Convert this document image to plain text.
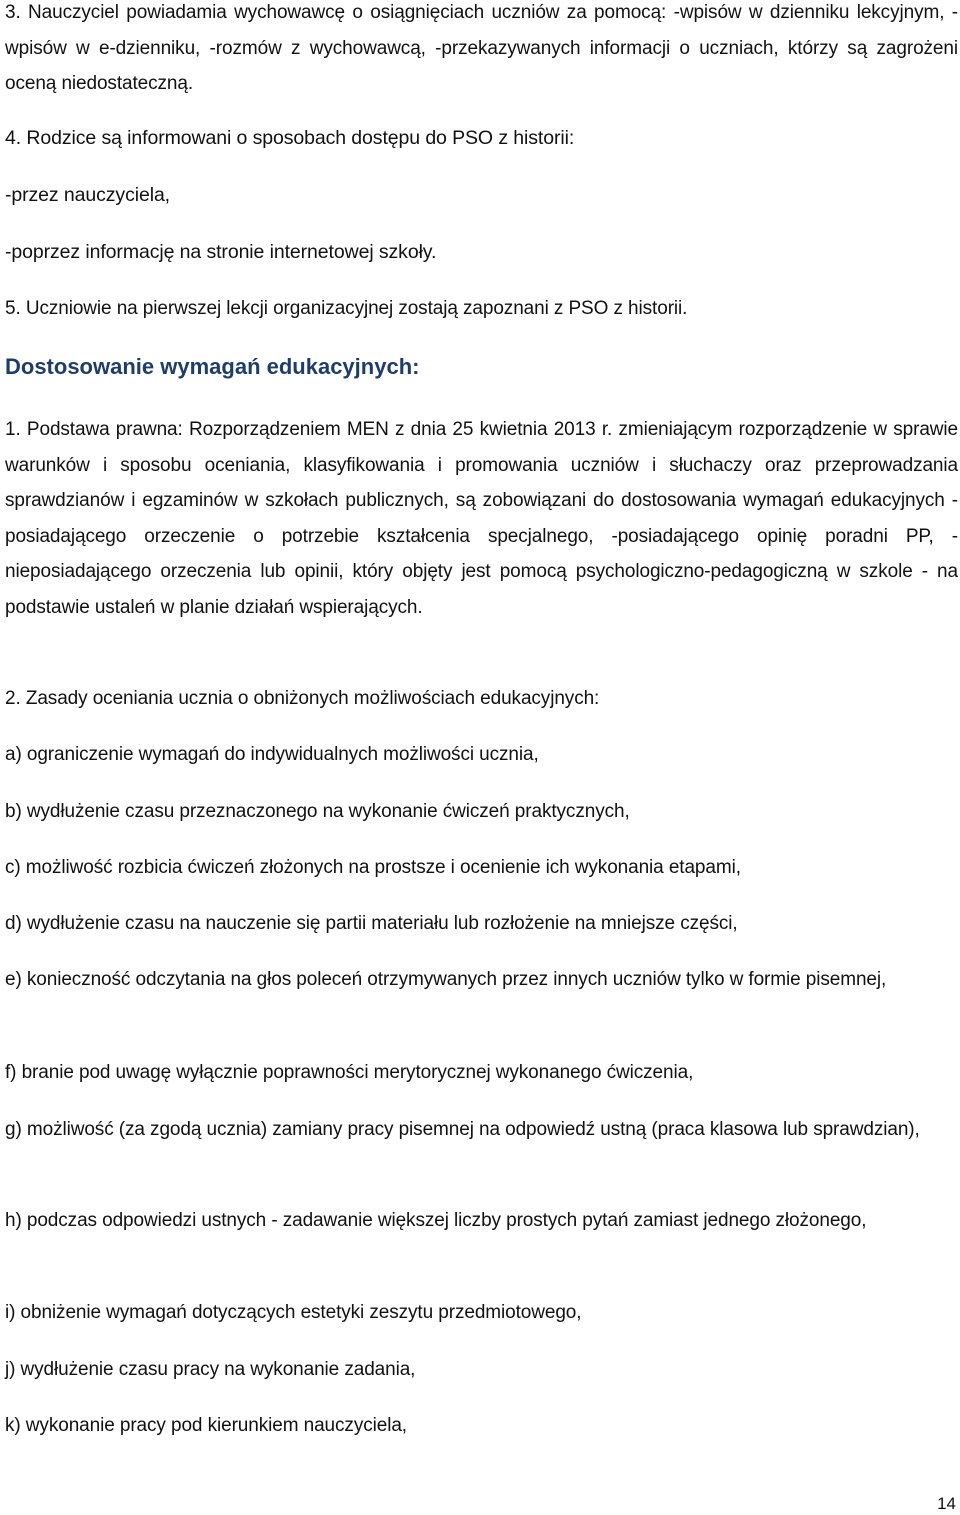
3. Nauczyciel powiadamia wychowawcę o osiągnięciach uczniów za pomocą: -wpisów w dzienniku lekcyjnym, -wpisów w e-dzienniku, -rozmów z wychowawcą, -przekazywanych informacji o uczniach, którzy są zagrożeni oceną niedostateczną.

4. Rodzice są informowani o sposobach dostępu do PSO z historii:

-przez nauczyciela,

-poprzez informację na stronie internetowej szkoły.

5. Uczniowie na pierwszej lekcji organizacyjnej zostają zapoznani z PSO z historii.

Dostosowanie wymagań edukacyjnych:

1. Podstawa prawna: Rozporządzeniem MEN z dnia 25 kwietnia 2013 r. zmieniającym rozporządzenie w sprawie warunków i sposobu oceniania, klasyfikowania i promowania uczniów i słuchaczy oraz przeprowadzania sprawdzianów i egzaminów w szkołach publicznych, są zobowiązani do dostosowania wymagań edukacyjnych -posiadającego orzeczenie o potrzebie kształcenia specjalnego, -posiadającego opinię poradni PP, -nieposiadającego orzeczenia lub opinii, który objęty jest pomocą psychologiczno-pedagogiczną w szkole - na podstawie ustaleń w planie działań wspierających.

2. Zasady oceniania ucznia o obniżonych możliwościach edukacyjnych:

a) ograniczenie wymagań do indywidualnych możliwości ucznia,

b) wydłużenie czasu przeznaczonego na wykonanie ćwiczeń praktycznych,

c) możliwość rozbicia ćwiczeń złożonych na prostsze i ocenienie ich wykonania etapami,

d) wydłużenie czasu na nauczenie się partii materiału lub rozłożenie na mniejsze części,

e) konieczność odczytania na głos poleceń otrzymywanych przez innych uczniów tylko w formie pisemnej,

f) branie pod uwagę wyłącznie poprawności merytorycznej wykonanego ćwiczenia,

g) możliwość (za zgodą ucznia) zamiany pracy pisemnej na odpowiedź ustną (praca klasowa lub sprawdzian),

h) podczas odpowiedzi ustnych - zadawanie większej liczby prostych pytań zamiast jednego złożonego,

i) obniżenie wymagań dotyczących estetyki zeszytu przedmiotowego,

j) wydłużenie czasu pracy na wykonanie zadania,

k) wykonanie pracy pod kierunkiem nauczyciela,

14
